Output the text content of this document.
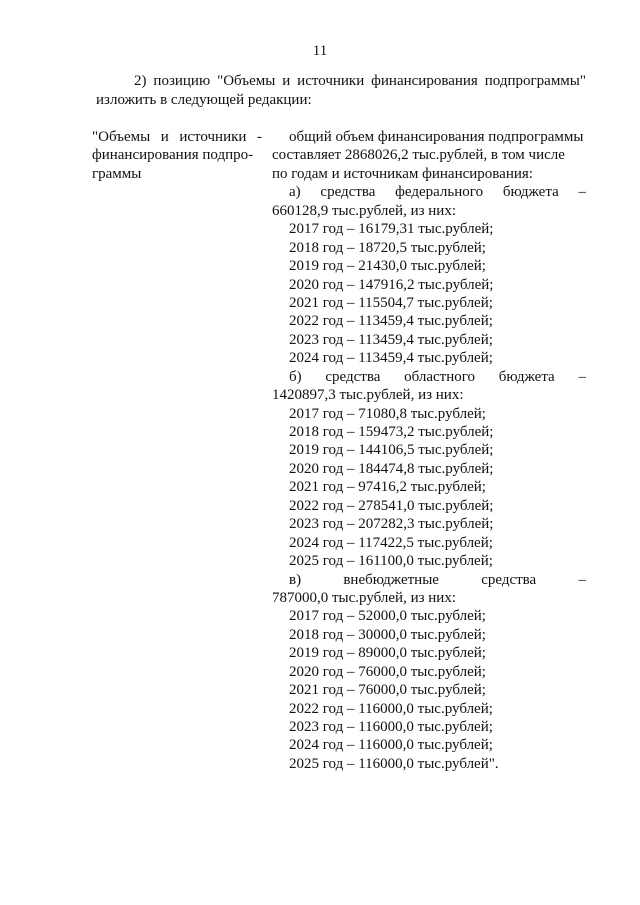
11
2) позицию "Объемы и источники финансирования подпрограммы"
изложить в следующей редакции:
"Объемы и источники -
финансирования подпро-
граммы
общий объем финансирования подпрограммы
составляет 2868026,2 тыс.рублей, в том числе
по годам и источникам финансирования:
а) средства федерального бюджета –
660128,9 тыс.рублей, из них:
2017 год – 16179,31 тыс.рублей;
2018 год – 18720,5 тыс.рублей;
2019 год – 21430,0 тыс.рублей;
2020 год – 147916,2 тыс.рублей;
2021 год – 115504,7 тыс.рублей;
2022 год – 113459,4 тыс.рублей;
2023 год – 113459,4 тыс.рублей;
2024 год – 113459,4 тыс.рублей;
б) средства областного бюджета –
1420897,3 тыс.рублей, из них:
2017 год – 71080,8 тыс.рублей;
2018 год – 159473,2 тыс.рублей;
2019 год – 144106,5 тыс.рублей;
2020 год – 184474,8 тыс.рублей;
2021 год – 97416,2 тыс.рублей;
2022 год – 278541,0 тыс.рублей;
2023 год – 207282,3 тыс.рублей;
2024 год – 117422,5 тыс.рублей;
2025 год – 161100,0 тыс.рублей;
в)	внебюджетные	средства	–
787000,0 тыс.рублей, из них:
2017 год – 52000,0 тыс.рублей;
2018 год – 30000,0 тыс.рублей;
2019 год – 89000,0 тыс.рублей;
2020 год – 76000,0 тыс.рублей;
2021 год – 76000,0 тыс.рублей;
2022 год – 116000,0 тыс.рублей;
2023 год – 116000,0 тыс.рублей;
2024 год – 116000,0 тыс.рублей;
2025 год – 116000,0 тыс.рублей".
